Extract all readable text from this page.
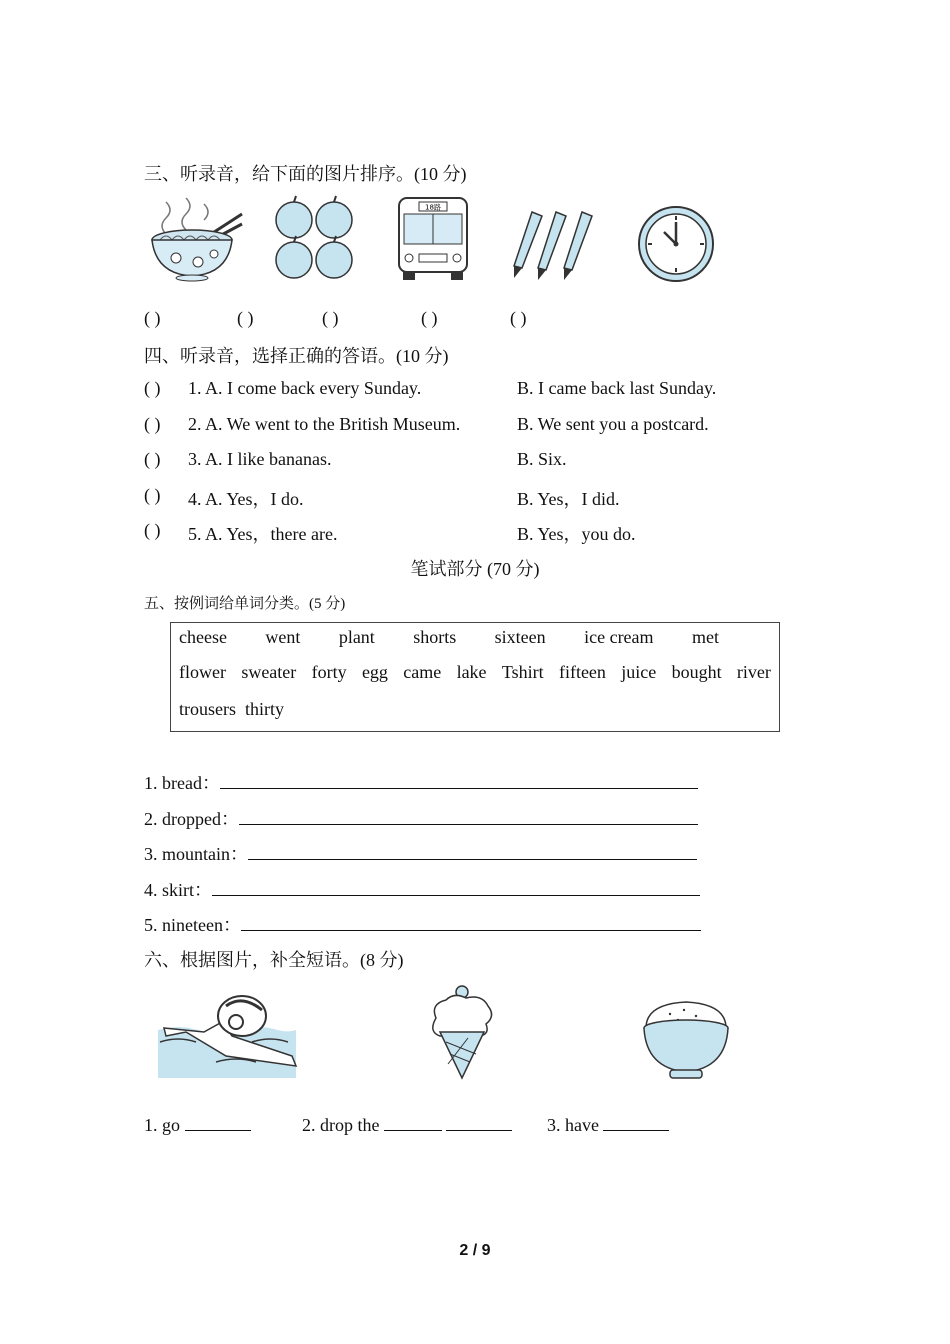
三、听录音，给下面的图片排序。(10 分)
18路
( )	( )	( )	( )	( )
四、听录音，选择正确的答语。(10 分)
( ) 1. A. I come back every Sunday.	B. I came back last Sunday.
( ) 2. A. We went to the British Museum.	B. We sent you a postcard.
( ) 3. A. I like bananas.	B. Six.
( ) 4. A. Yes，I do.	B. Yes，I did.
( ) 5. A. Yes，there are.	B. Yes，you do.
笔试部分 (70 分)
五、按例词给单词分类。(5 分)
cheese went plant shorts sixteen ice cream met
flower sweater forty egg came lake Tshirt fifteen juice bought river
trousers  thirty
1. bread：
2. dropped：
3. mountain：
4. skirt：
5. nineteen：
六、根据图片，补全短语。(8 分)
1. go	2. drop the	3. have
2 / 9
